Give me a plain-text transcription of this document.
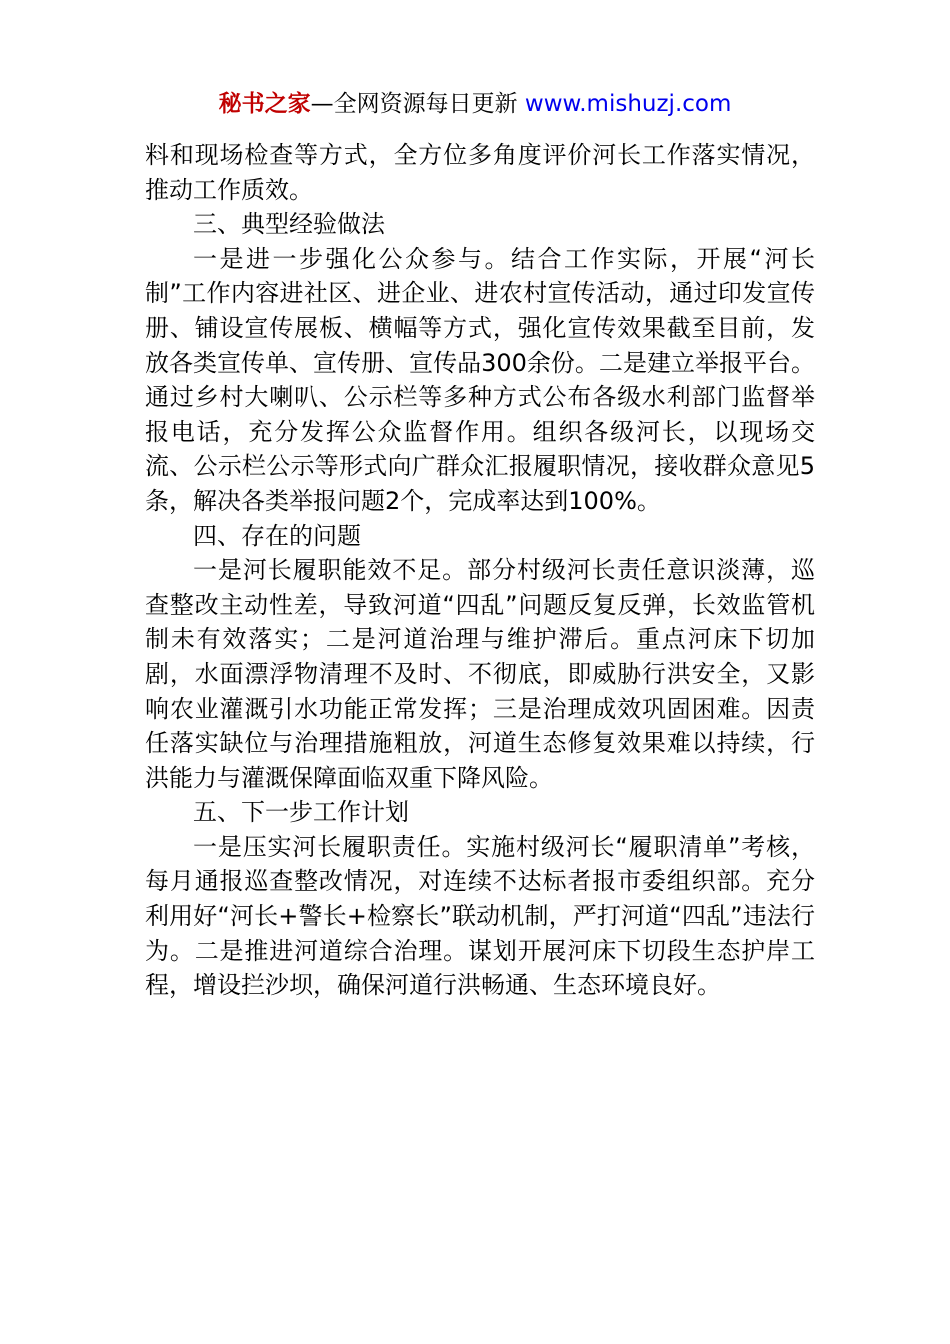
秘书之家—全网资源每日更新 www.mishuzj.com

料和现场检查等方式，全方位多角度评价河长工作落实情况，推动工作质效。

三、典型经验做法

一是进一步强化公众参与。结合工作实际，开展“河长制”工作内容进社区、进企业、进农村宣传活动，通过印发宣传册、铺设宣传展板、横幅等方式，强化宣传效果截至目前，发放各类宣传单、宣传册、宣传品300余份。二是建立举报平台。通过乡村大喇叭、公示栏等多种方式公布各级水利部门监督举报电话，充分发挥公众监督作用。组织各级河长，以现场交流、公示栏公示等形式向广群众汇报履职情况，接收群众意见5条，解决各类举报问题2个，完成率达到100%。

四、存在的问题

一是河长履职能效不足。部分村级河长责任意识淡薄，巡查整改主动性差，导致河道“四乱”问题反复反弹，长效监管机制未有效落实；二是河道治理与维护滞后。重点河床下切加剧，水面漂浮物清理不及时、不彻底，即威胁行洪安全，又影响农业灌溉引水功能正常发挥；三是治理成效巩固困难。因责任落实缺位与治理措施粗放，河道生态修复效果难以持续，行洪能力与灌溉保障面临双重下降风险。

五、下一步工作计划

一是压实河长履职责任。实施村级河长“履职清单”考核，每月通报巡查整改情况，对连续不达标者报市委组织部。充分利用好“河长+警长+检察长”联动机制，严打河道“四乱”违法行为。二是推进河道综合治理。谋划开展河床下切段生态护岸工程，增设拦沙坝，确保河道行洪畅通、生态环境良好。
